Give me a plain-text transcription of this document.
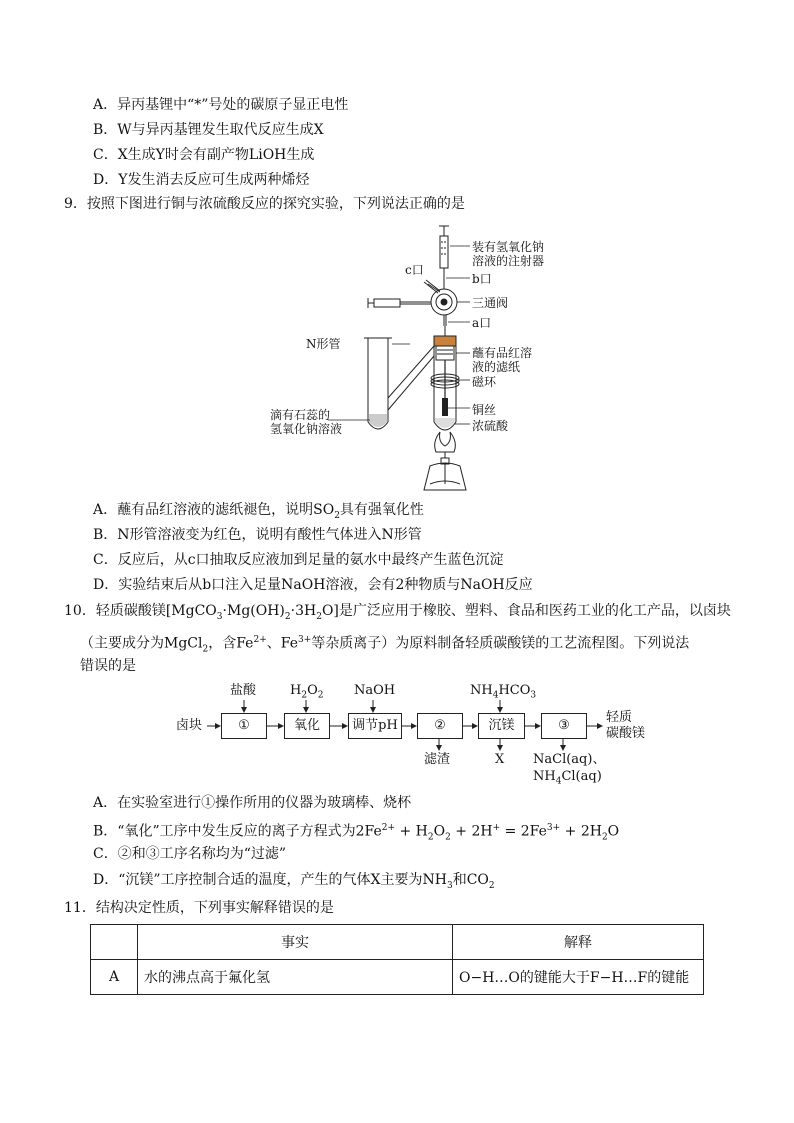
A．异丙基锂中“*”号处的碳原子显正电性
B．W与异丙基锂发生取代反应生成X
C．X生成Y时会有副产物LiOH生成
D．Y发生消去反应可生成两种烯烃
9．按照下图进行铜与浓硫酸反应的探究实验，下列说法正确的是
装有氢氧化钠
溶液的注射器
c口
b口
三通阀
a口
N形管
蘸有品红溶
液的滤纸
磁环
滴有石蕊的
氢氧化钠溶液
铜丝
浓硫酸
A．蘸有品红溶液的滤纸褪色，说明$SO_2$具有强氧化性
B．N形管溶液变为红色，说明有酸性气体进入N形管
C．反应后，从c口抽取反应液加到足量的氨水中最终产生蓝色沉淀
D．实验结束后从b口注入足量NaOH溶液，会有2种物质与NaOH反应
10．轻质碳酸镁$[MgCO_3\cdot Mg(OH)_2\cdot 3H_2O]$是广泛应用于橡胶、塑料、食品和医药工业的化工产品，以卤块
（主要成分为MgCl$_2$，含$Fe^{2+}$、$Fe^{3+}$等杂质离子）为原料制备轻质碳酸镁的工艺流程图。下列说法
错误的是
卤块	①	氧化	调节pH	②	沉镁	③
轻质
碳酸镁
盐酸	$H_2O_2$ NaOH	$NH_4HCO_3$
滤渣	X NaCl(aq)、
$NH_4Cl(aq)$
A．在实验室进行①操作所用的仪器为玻璃棒、烧杯
B．“氧化”工序中发生反应的离子方程式为$2Fe^{2+} + H_2O_2 + 2H^+ = 2Fe^{3+} + 2H_2O$
C．②和③工序名称均为“过滤”
D．“沉镁”工序控制合适的温度，产生的气体X主要为$NH_3$和$CO_2$
11．结构决定性质，下列事实解释错误的是
	事实	解释
A	水的沸点高于氟化氢	O−H…O的键能大于F−H…F的键能
